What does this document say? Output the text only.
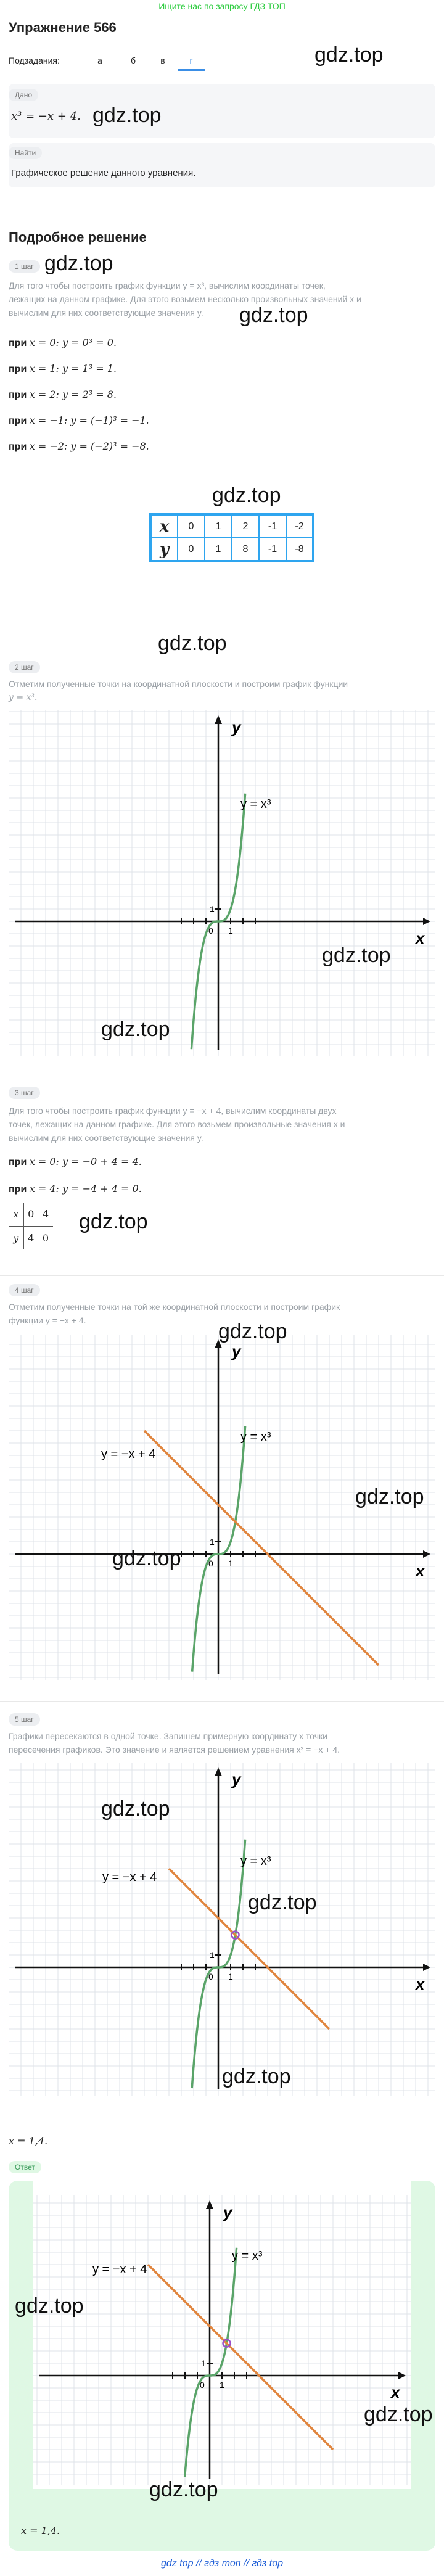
Ищите нас по запросу ГДЗ ТОП
Упражнение 566
Подзадания:	а	б	в	г	gdz.top
Дано
x³ = −x + 4. gdz.top
Найти
Графическое решение данного уравнения.
Подробное решение
1 шаг gdz.top
Для того чтобы построить график функции y = x³, вычислим координаты точек,
лежащих на данном графике. Для этого возьмем несколько произвольных значений x и
вычислим для них соответствующие значения y. gdz.top
при x = 0: y = 0³ = 0.
при x = 1: y = 1³ = 1.
при x = 2: y = 2³ = 8.
при x = −1: y = (−1)³ = −1.
при x = −2: y = (−2)³ = −8.
gdz.top
x	0	1	2	-1	-2
y	0	1	8	-1	-8
gdz.top
2 шаг
Отметим полученные точки на координатной плоскости и построим график функции
y = x³.
x
y
0 1
1
y = x³
gdz.top
gdz.top
3 шаг
Для того чтобы построить график функции y = −x + 4, вычислим координаты двух
точек, лежащих на данном графике. Для этого возьмем произвольные значения x и
вычислим для них соответствующие значения y.
при x = 0: y = −0 + 4 = 4.
при x = 4: y = −4 + 4 = 0.
x	0	4
y	4	0
gdz.top
4 шаг
Отметим полученные точки на той же координатной плоскости и построим график
функции y = −x + 4.
x
y
0 1
1
y = x³
y = −x + 4
gdz.top
gdz.top
gdz.top
5 шаг
Графики пересекаются в одной точке. Запишем примерную координату x точки
пересечения графиков. Это значение и является решением уравнения x³ = −x + 4.
x
y
0 1
1
y = x³
y = −x + 4
gdz.top
gdz.top
gdz.top
x = 1,4.
Ответ
x = 1,4.
x
y
0 1
1
y = x³
y = −x + 4
gdz.top
gdz.top
gdz.top
gdz top // гдз топ // гдз top
